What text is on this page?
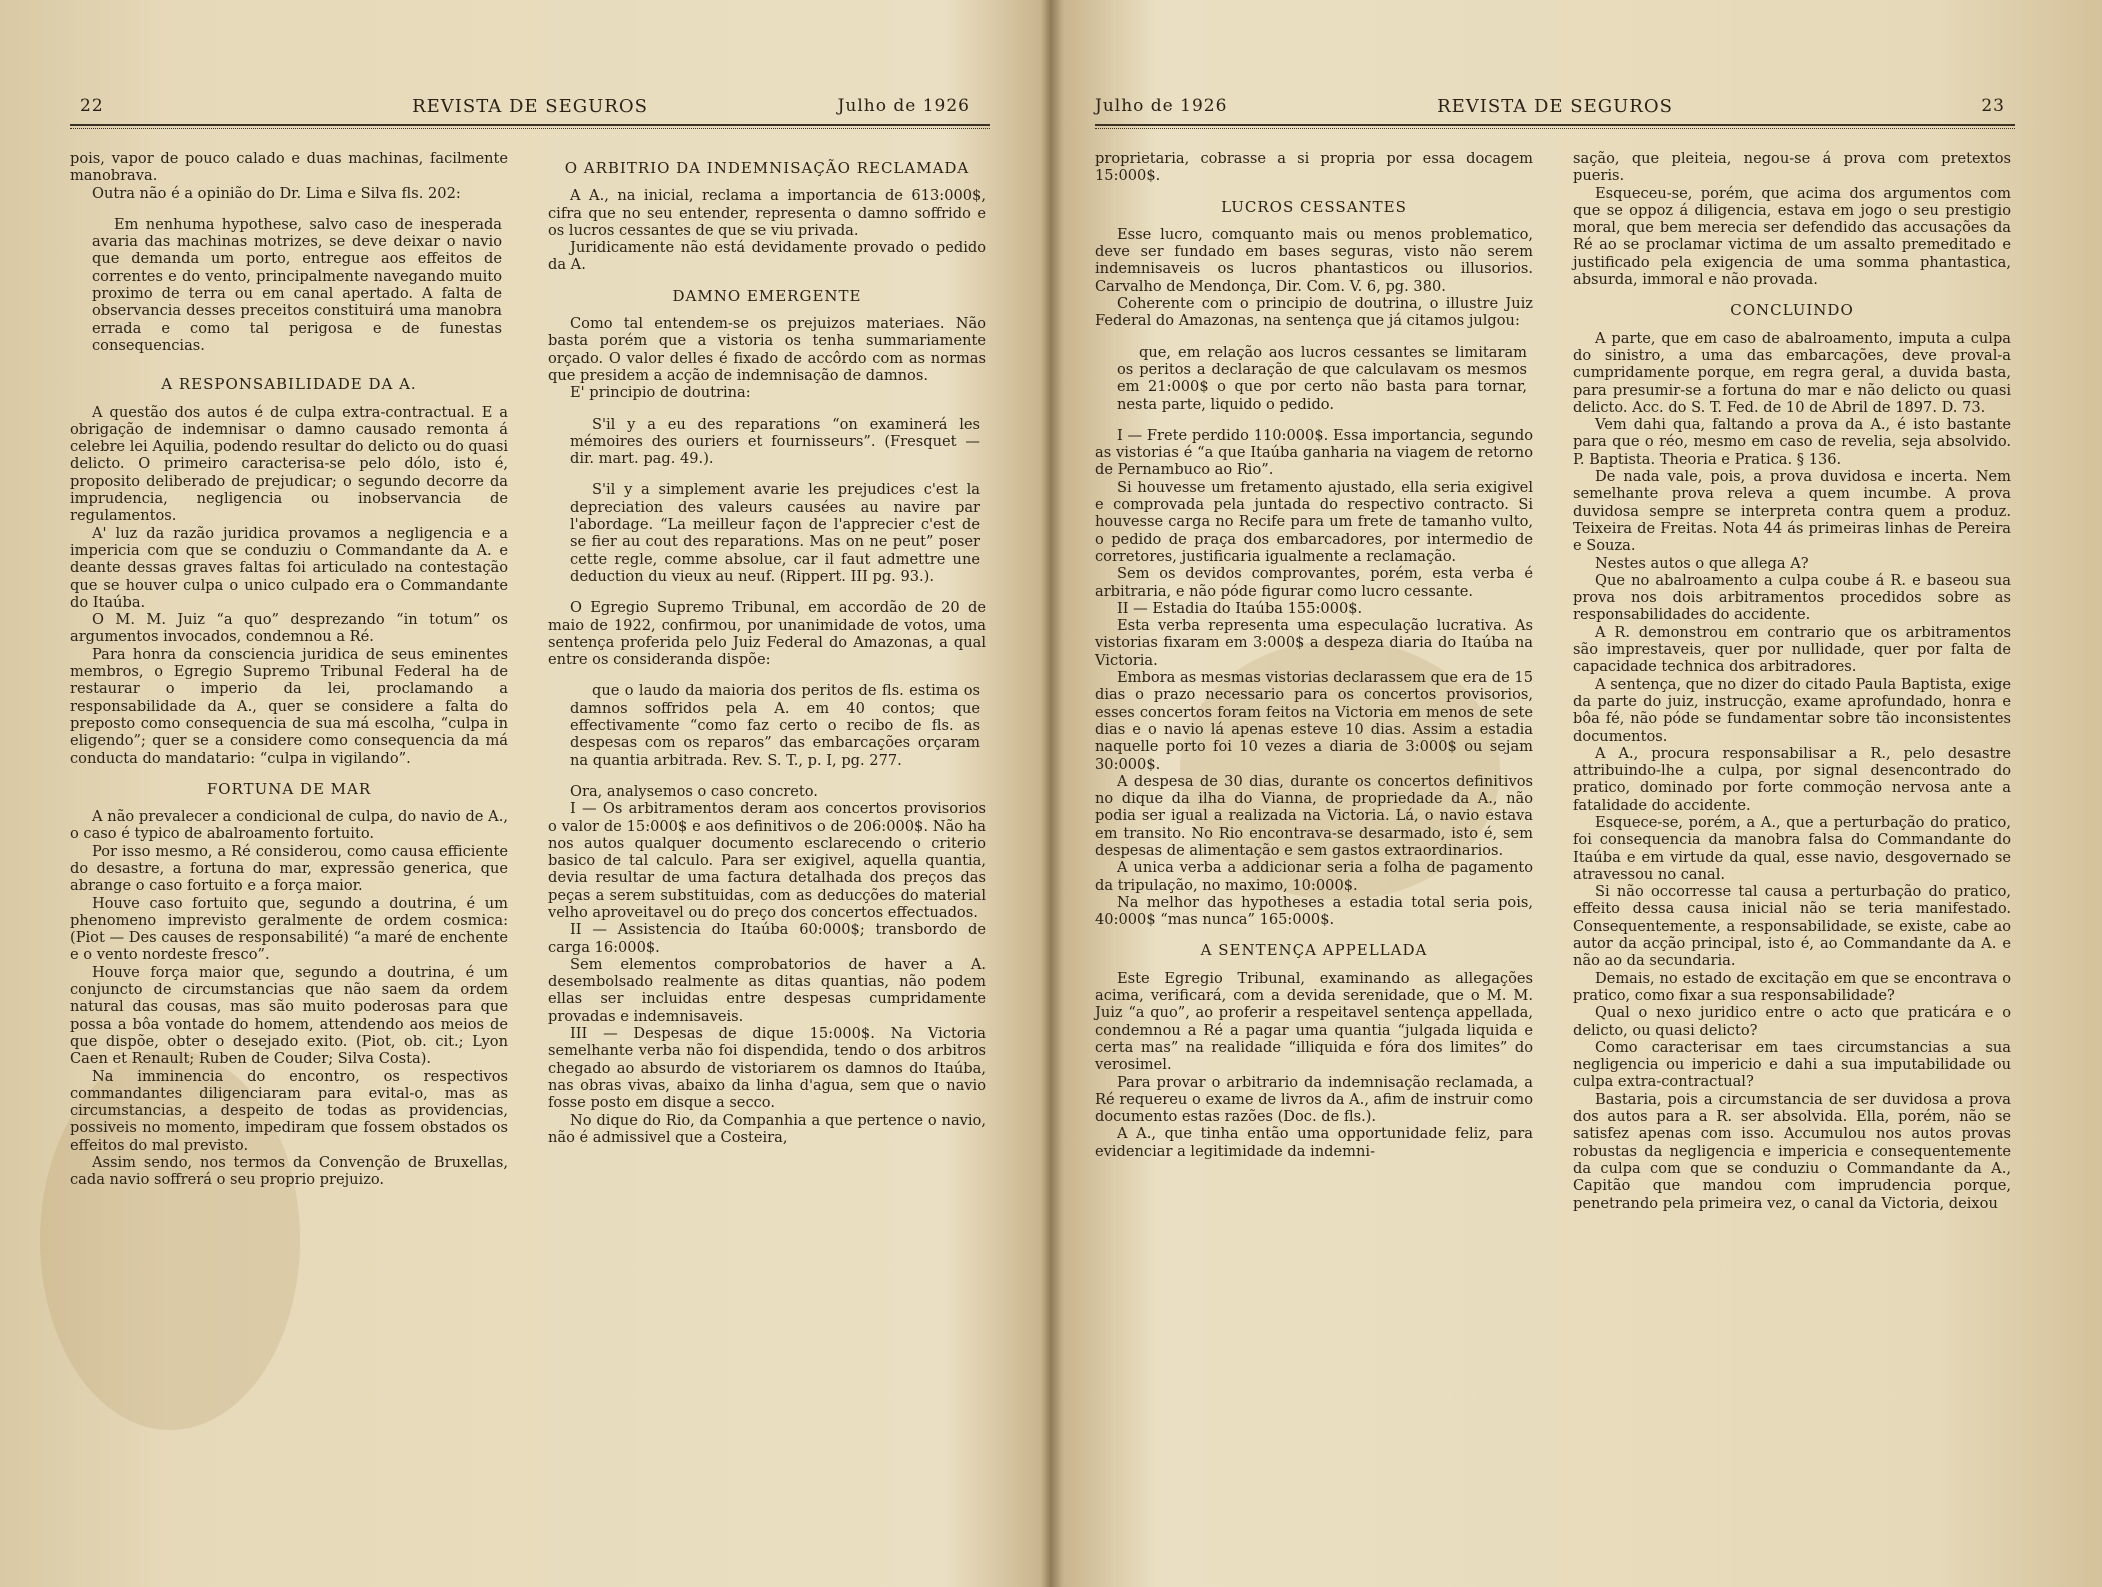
22	REVISTA DE SEGUROS	Julho de 1926

pois, vapor de pouco calado e duas machinas, facilmente manobrava.

Outra não é a opinião do Dr. Lima e Silva fls. 202:

Em nenhuma hypothese, salvo caso de inesperada avaria das machinas motrizes, se deve deixar o navio que demanda um porto, entregue aos effeitos de correntes e do vento, principalmente navegando muito proximo de terra ou em canal apertado. A falta de observancia desses preceitos constituirá uma manobra errada e como tal perigosa e de funestas consequencias.

A RESPONSABILIDADE DA A.

A questão dos autos é de culpa extra-contractual. E a obrigação de indemnisar o damno causado remonta á celebre lei Aquilia, podendo resultar do delicto ou do quasi delicto. O primeiro caracterisa-se pelo dólo, isto é, proposito deliberado de prejudicar; o segundo decorre da imprudencia, negligencia ou inobservancia de regulamentos.

A' luz da razão juridica provamos a negligencia e a impericia com que se conduziu o Commandante da A. e deante dessas graves faltas foi articulado na contestação que se houver culpa o unico culpado era o Commandante do Itaúba.

O M. M. Juiz “a quo” desprezando “in totum” os argumentos invocados, condemnou a Ré.

Para honra da consciencia juridica de seus eminentes membros, o Egregio Supremo Tribunal Federal ha de restaurar o imperio da lei, proclamando a responsabilidade da A., quer se considere a falta do preposto como consequencia de sua má escolha, “culpa in eligendo”; quer se a considere como consequencia da má conducta do mandatario: “culpa in vigilando”.

FORTUNA DE MAR

A não prevalecer a condicional de culpa, do navio de A., o caso é typico de abalroamento fortuito.

Por isso mesmo, a Ré considerou, como causa efficiente do desastre, a fortuna do mar, expressão generica, que abrange o caso fortuito e a força maior.

Houve caso fortuito que, segundo a doutrina, é um phenomeno imprevisto geralmente de ordem cosmica: (Piot — Des causes de responsabilité) “a maré de enchente e o vento nordeste fresco”.

Houve força maior que, segundo a doutrina, é um conjuncto de circumstancias que não saem da ordem natural das cousas, mas são muito poderosas para que possa a bôa vontade do homem, attendendo aos meios de que dispõe, obter o desejado exito. (Piot, ob. cit.; Lyon Caen et Renault; Ruben de Couder; Silva Costa).

Na imminencia do encontro, os respectivos commandantes diligenciaram para evital-o, mas as circumstancias, a despeito de todas as providencias, possiveis no momento, impediram que fossem obstados os effeitos do mal previsto.

Assim sendo, nos termos da Convenção de Bruxellas, cada navio soffrerá o seu proprio prejuizo.

O ARBITRIO DA INDEMNISAÇÃO RECLAMADA

A A., na inicial, reclama a importancia de 613:000$, cifra que no seu entender, representa o damno soffrido e os lucros cessantes de que se viu privada.

Juridicamente não está devidamente provado o pedido da A.

DAMNO EMERGENTE

Como tal entendem-se os prejuizos materiaes. Não basta porém que a vistoria os tenha summariamente orçado. O valor delles é fixado de accôrdo com as normas que presidem a acção de indemnisação de damnos.

E' principio de doutrina:

S'il y a eu des reparations “on examinerá les mémoires des ouriers et fournisseurs”. (Fresquet — dir. mart. pag. 49.).

S'il y a simplement avarie les prejudices c'est la depreciation des valeurs causées au navire par l'abordage. “La meilleur façon de l'apprecier c'est de se fier au cout des reparations. Mas on ne peut” poser cette regle, comme absolue, car il faut admettre une deduction du vieux au neuf. (Rippert. III pg. 93.).

O Egregio Supremo Tribunal, em accordão de 20 de maio de 1922, confirmou, por unanimidade de votos, uma sentença proferida pelo Juiz Federal do Amazonas, a qual entre os consideranda dispõe:

que o laudo da maioria dos peritos de fls. estima os damnos soffridos pela A. em 40 contos; que effectivamente “como faz certo o recibo de fls. as despesas com os reparos” das embarcações orçaram na quantia arbitrada. Rev. S. T., p. I, pg. 277.

Ora, analysemos o caso concreto.

I — Os arbitramentos deram aos concertos provisorios o valor de 15:000$ e aos definitivos o de 206:000$. Não ha nos autos qualquer documento esclarecendo o criterio basico de tal calculo. Para ser exigivel, aquella quantia, devia resultar de uma factura detalhada dos preços das peças a serem substituidas, com as deducções do material velho aproveitavel ou do preço dos concertos effectuados.

II — Assistencia do Itaúba 60:000$; transbordo de carga 16:000$.

Sem elementos comprobatorios de haver a A. desembolsado realmente as ditas quantias, não podem ellas ser incluidas entre despesas cumpridamente provadas e indemnisaveis.

III — Despesas de dique 15:000$. Na Victoria semelhante verba não foi dispendida, tendo o dos arbitros chegado ao absurdo de vistoriarem os damnos do Itaúba, nas obras vivas, abaixo da linha d'agua, sem que o navio fosse posto em disque a secco.

No dique do Rio, da Companhia a que pertence o navio, não é admissivel que a Costeira,

Julho de 1926	REVISTA DE SEGUROS	23

proprietaria, cobrasse a si propria por essa docagem 15:000$.

LUCROS CESSANTES

Esse lucro, comquanto mais ou menos problematico, deve ser fundado em bases seguras, visto não serem indemnisaveis os lucros phantasticos ou illusorios. Carvalho de Mendonça, Dir. Com. V. 6, pg. 380.

Coherente com o principio de doutrina, o illustre Juiz Federal do Amazonas, na sentença que já citamos julgou:

que, em relação aos lucros cessantes se limitaram os peritos a declaração de que calculavam os mesmos em 21:000$ o que por certo não basta para tornar, nesta parte, liquido o pedido.

I — Frete perdido 110:000$. Essa importancia, segundo as vistorias é “a que Itaúba ganharia na viagem de retorno de Pernambuco ao Rio”.

Si houvesse um fretamento ajustado, ella seria exigivel e comprovada pela juntada do respectivo contracto. Si houvesse carga no Recife para um frete de tamanho vulto, o pedido de praça dos embarcadores, por intermedio de corretores, justificaria igualmente a reclamação.

Sem os devidos comprovantes, porém, esta verba é arbitraria, e não póde figurar como lucro cessante.

II — Estadia do Itaúba 155:000$.

Esta verba representa uma especulação lucrativa. As vistorias fixaram em 3:000$ a despeza diaria do Itaúba na Victoria.

Embora as mesmas vistorias declarassem que era de 15 dias o prazo necessario para os concertos provisorios, esses concertos foram feitos na Victoria em menos de sete dias e o navio lá apenas esteve 10 dias. Assim a estadia naquelle porto foi 10 vezes a diaria de 3:000$ ou sejam 30:000$.

A despesa de 30 dias, durante os concertos definitivos no dique da ilha do Vianna, de propriedade da A., não podia ser igual a realizada na Victoria. Lá, o navio estava em transito. No Rio encontrava-se desarmado, isto é, sem despesas de alimentação e sem gastos extraordinarios.

A unica verba a addicionar seria a folha de pagamento da tripulação, no maximo, 10:000$.

Na melhor das hypotheses a estadia total seria pois, 40:000$ “mas nunca” 165:000$.

A SENTENÇA APPELLADA

Este Egregio Tribunal, examinando as allegações acima, verificará, com a devida serenidade, que o M. M. Juiz “a quo”, ao proferir a respeitavel sentença appellada, condemnou a Ré a pagar uma quantia “julgada liquida e certa mas” na realidade “illiquida e fóra dos limites” do verosimel.

Para provar o arbitrario da indemnisação reclamada, a Ré requereu o exame de livros da A., afim de instruir como documento estas razões (Doc. de fls.).

A A., que tinha então uma opportunidade feliz, para evidenciar a legitimidade da indemni-

sação, que pleiteia, negou-se á prova com pretextos pueris.

Esqueceu-se, porém, que acima dos argumentos com que se oppoz á diligencia, estava em jogo o seu prestigio moral, que bem merecia ser defendido das accusações da Ré ao se proclamar victima de um assalto premeditado e justificado pela exigencia de uma somma phantastica, absurda, immoral e não provada.

CONCLUINDO

A parte, que em caso de abalroamento, imputa a culpa do sinistro, a uma das embarcações, deve proval-a cumpridamente porque, em regra geral, a duvida basta, para presumir-se a fortuna do mar e não delicto ou quasi delicto. Acc. do S. T. Fed. de 10 de Abril de 1897. D. 73.

Vem dahi qua, faltando a prova da A., é isto bastante para que o réo, mesmo em caso de revelia, seja absolvido. P. Baptista. Theoria e Pratica. § 136.

De nada vale, pois, a prova duvidosa e incerta. Nem semelhante prova releva a quem incumbe. A prova duvidosa sempre se interpreta contra quem a produz. Teixeira de Freitas. Nota 44 ás primeiras linhas de Pereira e Souza.

Nestes autos o que allega A?

Que no abalroamento a culpa coube á R. e baseou sua prova nos dois arbitramentos procedidos sobre as responsabilidades do accidente.

A R. demonstrou em contrario que os arbitramentos são imprestaveis, quer por nullidade, quer por falta de capacidade technica dos arbitradores.

A sentença, que no dizer do citado Paula Baptista, exige da parte do juiz, instrucção, exame aprofundado, honra e bôa fé, não póde se fundamentar sobre tão inconsistentes documentos.

A A., procura responsabilisar a R., pelo desastre attribuindo-lhe a culpa, por signal desencontrado do pratico, dominado por forte commoção nervosa ante a fatalidade do accidente.

Esquece-se, porém, a A., que a perturbação do pratico, foi consequencia da manobra falsa do Commandante do Itaúba e em virtude da qual, esse navio, desgovernado se atravessou no canal.

Si não occorresse tal causa a perturbação do pratico, effeito dessa causa inicial não se teria manifestado. Consequentemente, a responsabilidade, se existe, cabe ao autor da acção principal, isto é, ao Commandante da A. e não ao da secundaria.

Demais, no estado de excitação em que se encontrava o pratico, como fixar a sua responsabilidade?

Qual o nexo juridico entre o acto que praticára e o delicto, ou quasi delicto?

Como caracterisar em taes circumstancias a sua negligencia ou impericio e dahi a sua imputabilidade ou culpa extra-contractual?

Bastaria, pois a circumstancia de ser duvidosa a prova dos autos para a R. ser absolvida. Ella, porém, não se satisfez apenas com isso. Accumulou nos autos provas robustas da negligencia e impericia e consequentemente da culpa com que se conduziu o Commandante da A., Capitão que mandou com imprudencia porque, penetrando pela primeira vez, o canal da Victoria, deixou
